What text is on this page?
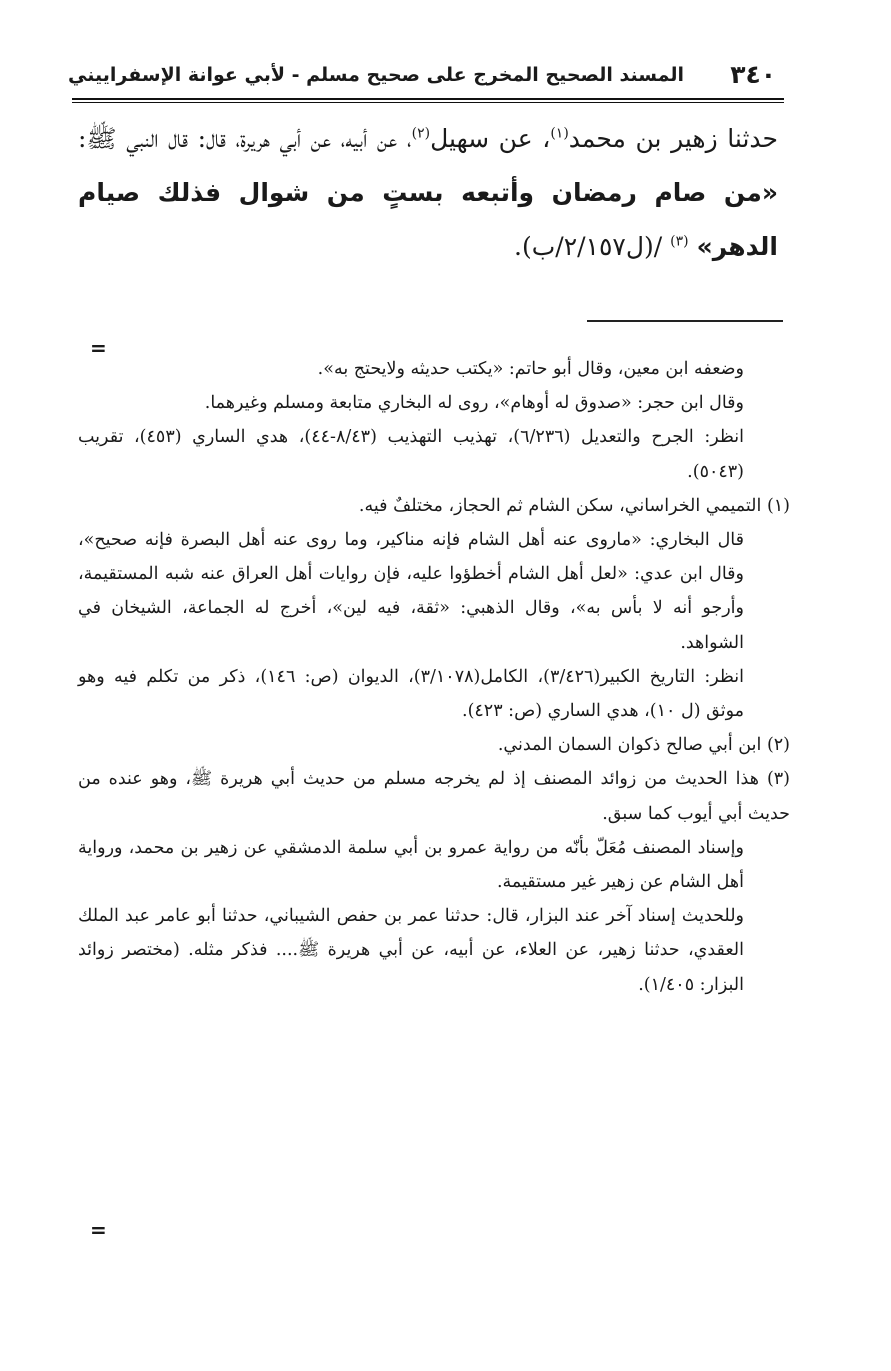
٣٤٠
المسند الصحيح المخرج على صحيح مسلم - لأبي عوانة الإسفراييني
حدثنا زهير بن محمد$^{(١)}$، عن سهيل$^{(٢)}$، عن أبيه، عن أبي هريرة، قال: قال النبي ﷺ: «من صام رمضان وأتبعه بستٍ من شوال فذلك صيام الدهر» $^{(٣)}$ /(ل٢/١٥٧/ب).
=

وضعفه ابن معين، وقال أبو حاتم: «يكتب حديثه ولايحتج به».

وقال ابن حجر: «صدوق له أوهام»، روى له البخاري متابعة ومسلم وغيرهما.

انظر: الجرح والتعديل (٦/٢٣٦)، تهذيب التهذيب (٨/٤٣-٤٤)، هدي الساري (٤٥٣)، تقريب (٥٠٤٣).

(١) التميمي الخراساني، سكن الشام ثم الحجاز، مختلفٌ فيه.

قال البخاري: «ماروى عنه أهل الشام فإنه مناكير، وما روى عنه أهل البصرة فإنه صحيح»، وقال ابن عدي: «لعل أهل الشام أخطؤوا عليه، فإن روايات أهل العراق عنه شبه المستقيمة، وأرجو أنه لا بأس به»، وقال الذهبي: «ثقة، فيه لين»، أخرج له الجماعة، الشيخان في الشواهد.

انظر: التاريخ الكبير(٣/٤٢٦)، الكامل(٣/١٠٧٨)، الديوان (ص: ١٤٦)، ذكر من تكلم فيه وهو موثق (ل ١٠)، هدي الساري (ص: ٤٢٣).

(٢) ابن أبي صالح ذكوان السمان المدني.

(٣) هذا الحديث من زوائد المصنف إذ لم يخرجه مسلم من حديث أبي هريرة ﷺ، وهو عنده من حديث أبي أيوب كما سبق.

وإسناد المصنف مُعَلّ بأنّه من رواية عمرو بن أبي سلمة الدمشقي عن زهير بن محمد، ورواية أهل الشام عن زهير غير مستقيمة.

وللحديث إسناد آخر عند البزار، قال: حدثنا عمر بن حفص الشيباني، حدثنا أبو عامر عبد الملك العقدي، حدثنا زهير، عن العلاء، عن أبيه، عن أبي هريرة ﷺ.... فذكر مثله. (مختصر زوائد البزار: ١/٤٠٥).

=
